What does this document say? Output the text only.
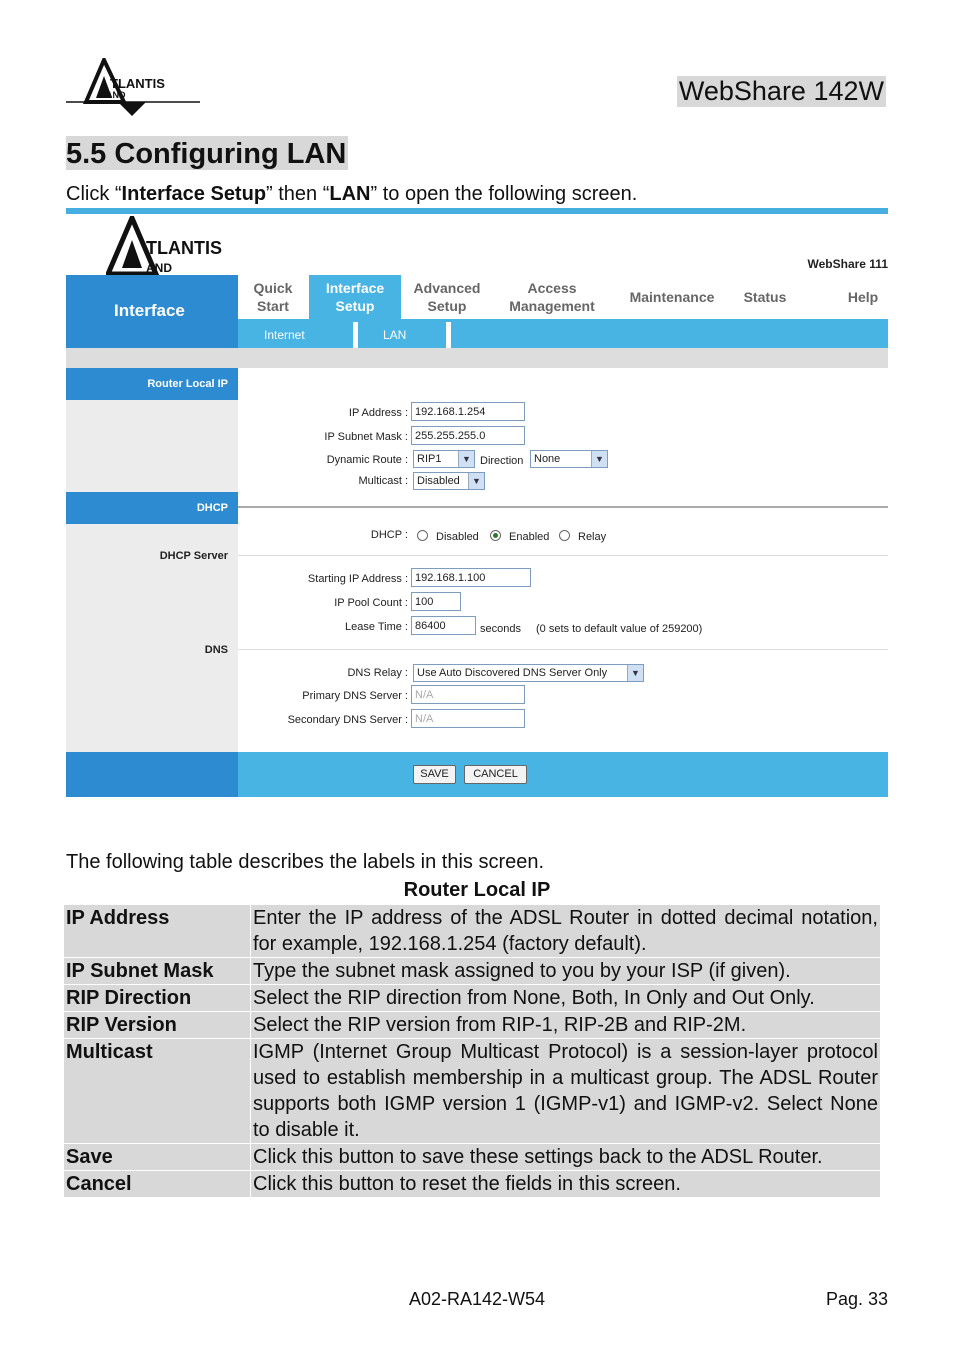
TLANTIS
AND	WebShare 142W
5.5 Configuring LAN
Click “Interface Setup” then “LAN” to open the following screen.
TLANTIS
AND	WebShare 111
Interface
Quick
Start
Interface
Setup
Advanced
Setup
Access
Management
Maintenance	Status	Help
Internet	LAN
Router Local IP
DHCP
DHCP Server
DNS
IP Address : 192.168.1.254
IP Subnet Mask : 255.255.255.0
Dynamic Route : RIP1	▼ Direction None	▼
Multicast : Disabled	▼
DHCP :	Disabled	Enabled	Relay
Starting IP Address : 192.168.1.100
IP Pool Count : 100
Lease Time : 86400	seconds (0 sets to default value of 259200)
DNS Relay : Use Auto Discovered DNS Server Only	▼
Primary DNS Server : N/A
Secondary DNS Server : N/A
SAVE	CANCEL
The following table describes the labels in this screen.
Router Local IP
IP Address	Enter the IP address of the ADSL Router in dotted decimal notation, for example, 192.168.1.254 (factory default).
IP Subnet Mask	Type the subnet mask assigned to you by your ISP (if given).
RIP Direction	Select the RIP direction from None, Both, In Only and Out Only.
RIP Version	Select the RIP version from RIP-1, RIP-2B and RIP-2M.
Multicast	IGMP (Internet Group Multicast Protocol) is a session-layer protocol used to establish membership in a multicast group. The ADSL Router supports both IGMP version 1 (IGMP-v1) and IGMP-v2. Select None to disable it.
Save	Click this button to save these settings back to the ADSL Router.
Cancel	Click this button to reset the fields in this screen.
A02-RA142-W54	Pag. 33
